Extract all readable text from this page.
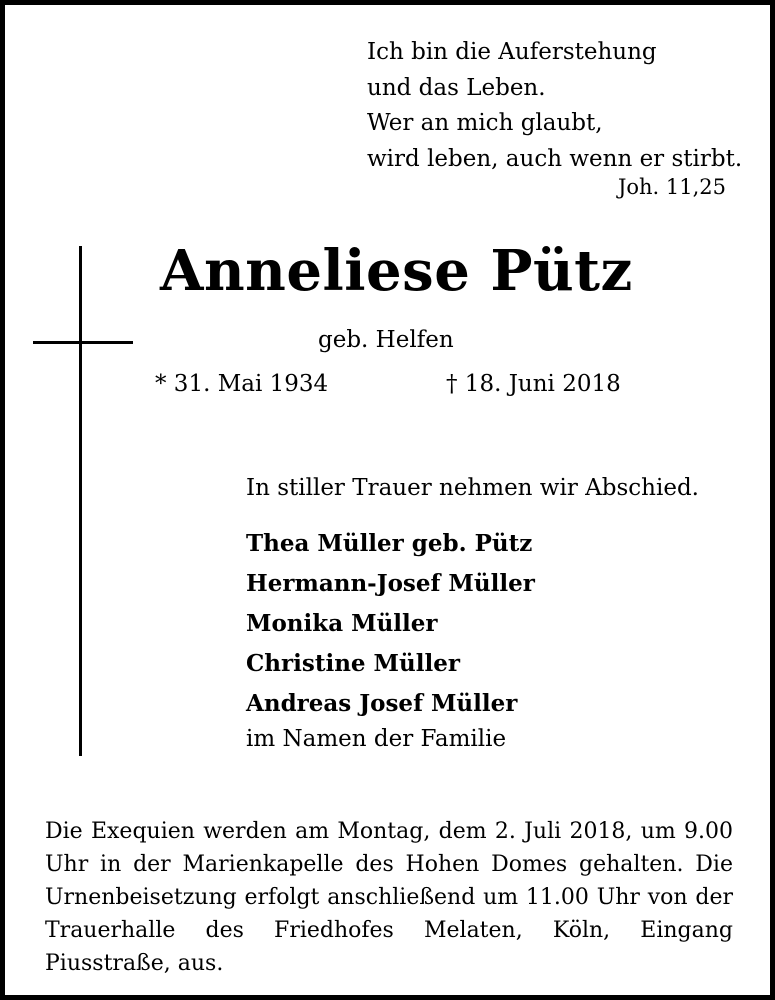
Ich bin die Auferstehung
und das Leben.
Wer an mich glaubt,
wird leben, auch wenn er stirbt.
Joh. 11,25
Anneliese Pütz
geb. Helfen
* 31. Mai 1934	† 18. Juni 2018
In stiller Trauer nehmen wir Abschied.
Thea Müller geb. Pütz
Hermann-Josef Müller
Monika Müller
Christine Müller
Andreas Josef Müller
im Namen der Familie
Die Exequien werden am Montag, dem 2. Juli 2018, um 9.00 Uhr in der Marienkapelle des Hohen Domes gehalten. Die Urnenbeisetzung erfolgt anschließend um 11.00 Uhr von der Trauerhalle des Friedhofes Melaten, Köln, Eingang Piusstraße, aus.
